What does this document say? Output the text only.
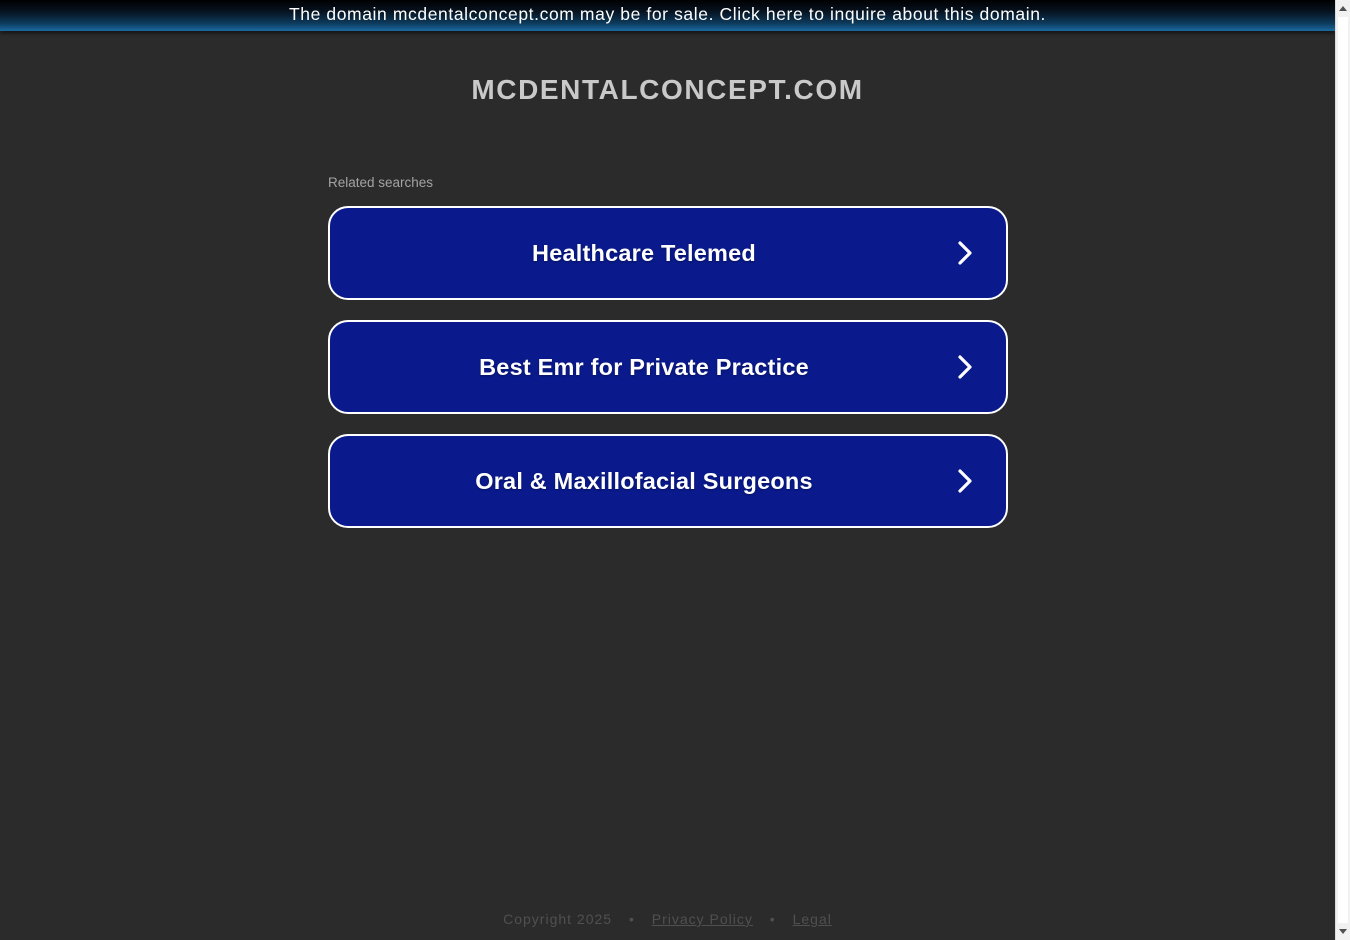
The domain mcdentalconcept.com may be for sale. Click here to inquire about this domain.
MCDENTALCONCEPT.COM
Related searches
Healthcare Telemed
Best Emr for Private Practice
Oral & Maxillofacial Surgeons
Copyright 2025 • Privacy Policy • Legal
